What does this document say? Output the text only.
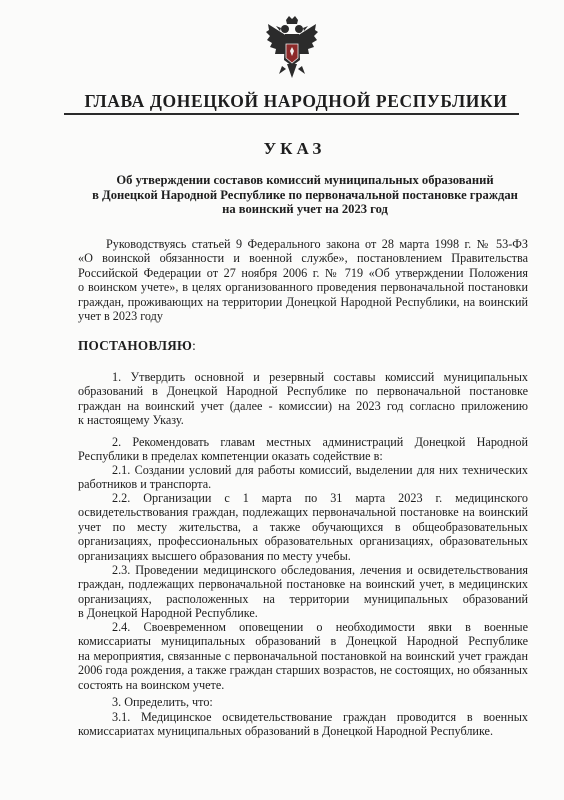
ГЛАВА ДОНЕЦКОЙ НАРОДНОЙ РЕСПУБЛИКИ
УКАЗ
Об утверждении составов комиссий муниципальных образований
в Донецкой Народной Республике по первоначальной постановке граждан
на воинский учет на 2023 год
Руководствуясь статьей 9 Федерального закона от 28 марта 1998 г. № 53-ФЗ
«О воинской обязанности и военной службе», постановлением Правительства
Российской Федерации от 27 ноября 2006 г. № 719 «Об утверждении Положения
о воинском учете», в целях организованного проведения первоначальной постановки
граждан, проживающих на территории Донецкой Народной Республики, на воинский
учет в 2023 году
ПОСТАНОВЛЯЮ:
1. Утвердить основной и резервный составы комиссий муниципальных
образований в Донецкой Народной Республике по первоначальной постановке
граждан на воинский учет (далее - комиссии) на 2023 год согласно приложению
к настоящему Указу.
2. Рекомендовать главам местных администраций Донецкой Народной
Республики в пределах компетенции оказать содействие в:
2.1. Создании условий для работы комиссий, выделении для них технических
работников и транспорта.
2.2. Организации с 1 марта по 31 марта 2023 г. медицинского
освидетельствования граждан, подлежащих первоначальной постановке на воинский
учет по месту жительства, а также обучающихся в общеобразовательных
организациях, профессиональных образовательных организациях, образовательных
организациях высшего образования по месту учебы.
2.3. Проведении медицинского обследования, лечения и освидетельствования
граждан, подлежащих первоначальной постановке на воинский учет, в медицинских
организациях, расположенных на территории муниципальных образований
в Донецкой Народной Республике.
2.4. Своевременном оповещении о необходимости явки в военные
комиссариаты муниципальных образований в Донецкой Народной Республике
на мероприятия, связанные с первоначальной постановкой на воинский учет граждан
2006 года рождения, а также граждан старших возрастов, не состоящих, но обязанных
состоять на воинском учете.
3. Определить, что:
3.1. Медицинское освидетельствование граждан проводится в военных
комиссариатах муниципальных образований в Донецкой Народной Республике.
